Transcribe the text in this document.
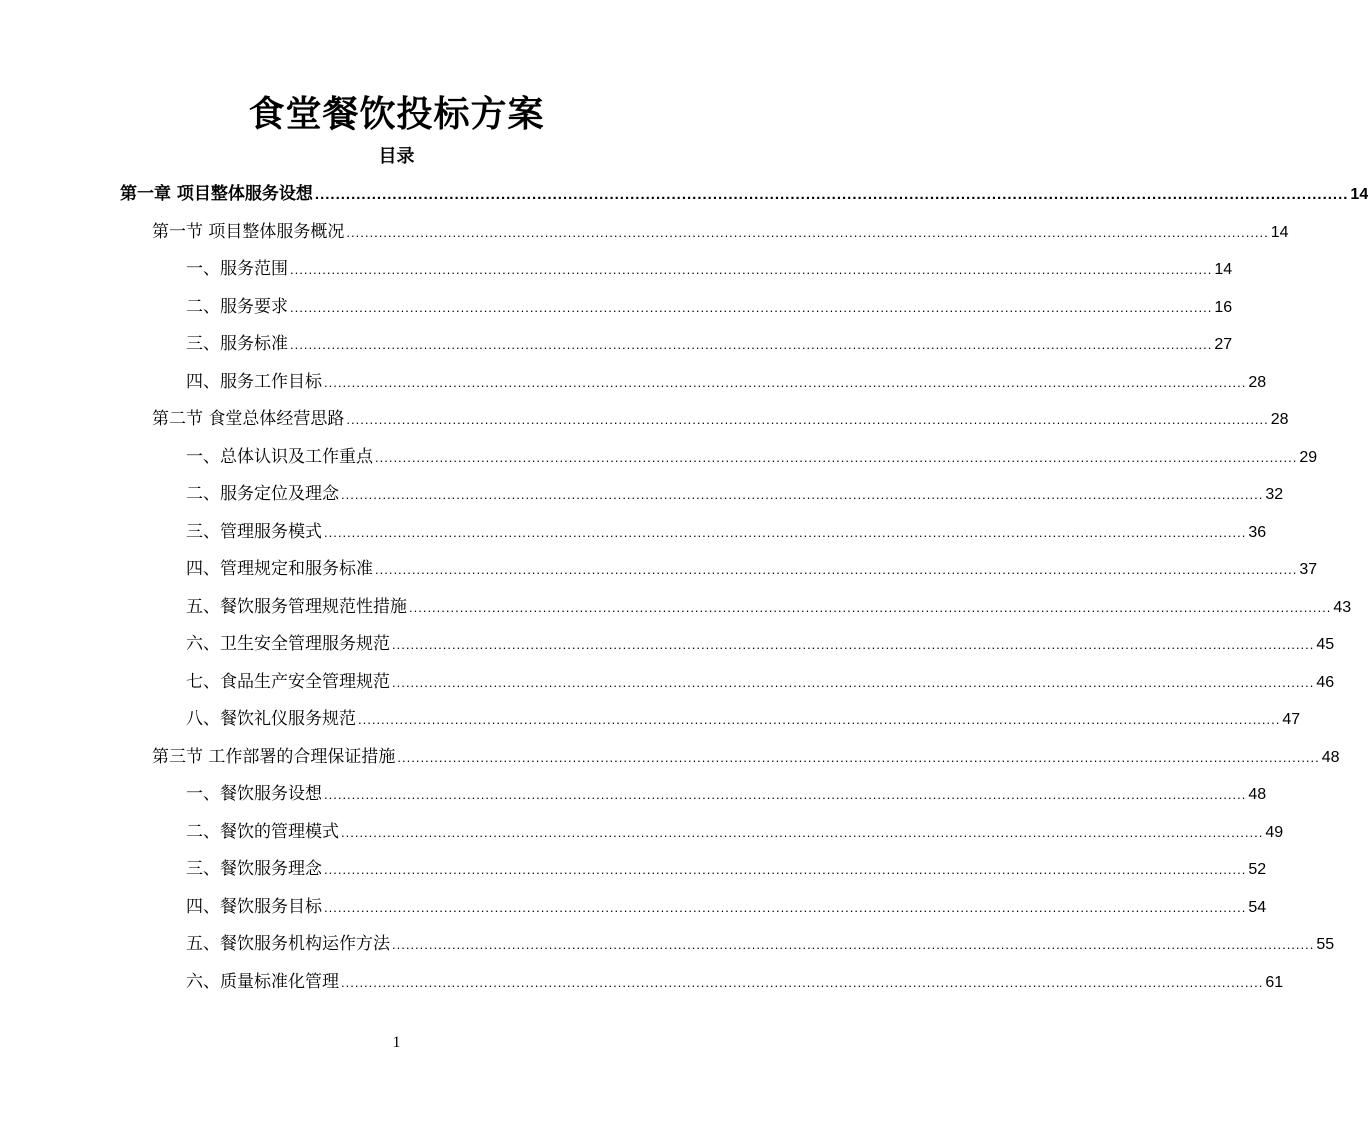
食堂餐饮投标方案
目录
第一章 项目整体服务设想 ........................................................................................................................................................................................................ 14
第一节 项目整体服务概况 ........................................................................................................................................................................................................ 14
一、服务范围 ........................................................................................................................................................................................................ 14
二、服务要求 ........................................................................................................................................................................................................ 16
三、服务标准 ........................................................................................................................................................................................................ 27
四、服务工作目标 ........................................................................................................................................................................................................ 28
第二节 食堂总体经营思路 ........................................................................................................................................................................................................ 28
一、总体认识及工作重点 ........................................................................................................................................................................................................ 29
二、服务定位及理念 ........................................................................................................................................................................................................ 32
三、管理服务模式 ........................................................................................................................................................................................................ 36
四、管理规定和服务标准 ........................................................................................................................................................................................................ 37
五、餐饮服务管理规范性措施 ........................................................................................................................................................................................................ 43
六、卫生安全管理服务规范 ........................................................................................................................................................................................................ 45
七、食品生产安全管理规范 ........................................................................................................................................................................................................ 46
八、餐饮礼仪服务规范 ........................................................................................................................................................................................................ 47
第三节 工作部署的合理保证措施 ........................................................................................................................................................................................................ 48
一、餐饮服务设想 ........................................................................................................................................................................................................ 48
二、餐饮的管理模式 ........................................................................................................................................................................................................ 49
三、餐饮服务理念 ........................................................................................................................................................................................................ 52
四、餐饮服务目标 ........................................................................................................................................................................................................ 54
五、餐饮服务机构运作方法 ........................................................................................................................................................................................................ 55
六、质量标准化管理 ........................................................................................................................................................................................................ 61
1
